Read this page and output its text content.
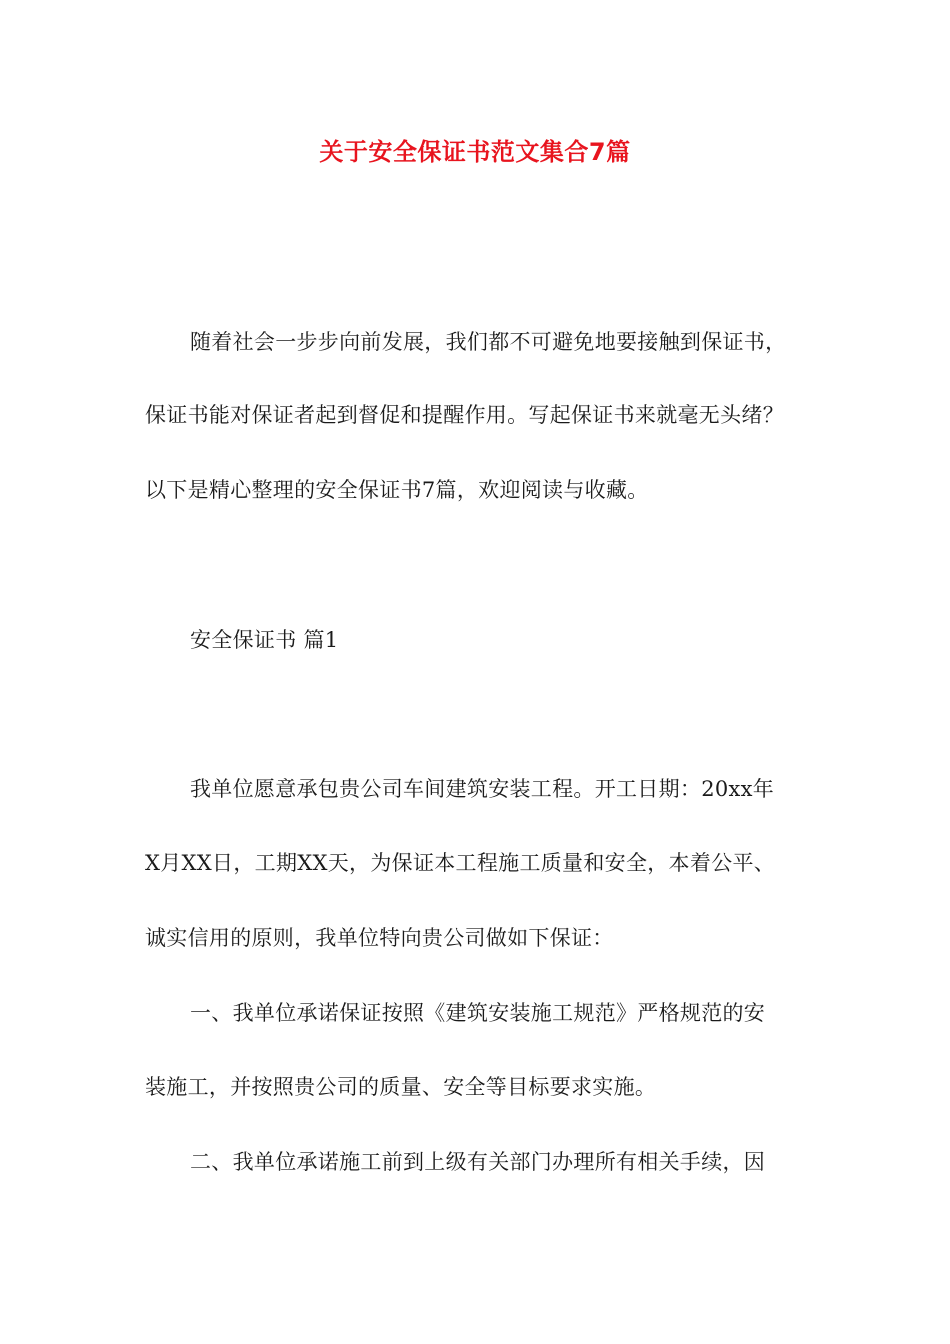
关于安全保证书范文集合7篇
随着社会一步步向前发展，我们都不可避免地要接触到保证书，
保证书能对保证者起到督促和提醒作用。写起保证书来就毫无头绪？
以下是精心整理的安全保证书7篇，欢迎阅读与收藏。
安全保证书 篇1
我单位愿意承包贵公司车间建筑安装工程。开工日期：20xx年
X月XX日，工期XX天，为保证本工程施工质量和安全，本着公平、
诚实信用的原则，我单位特向贵公司做如下保证：
一、我单位承诺保证按照《建筑安装施工规范》严格规范的安
装施工，并按照贵公司的质量、安全等目标要求实施。
二、我单位承诺施工前到上级有关部门办理所有相关手续，因
